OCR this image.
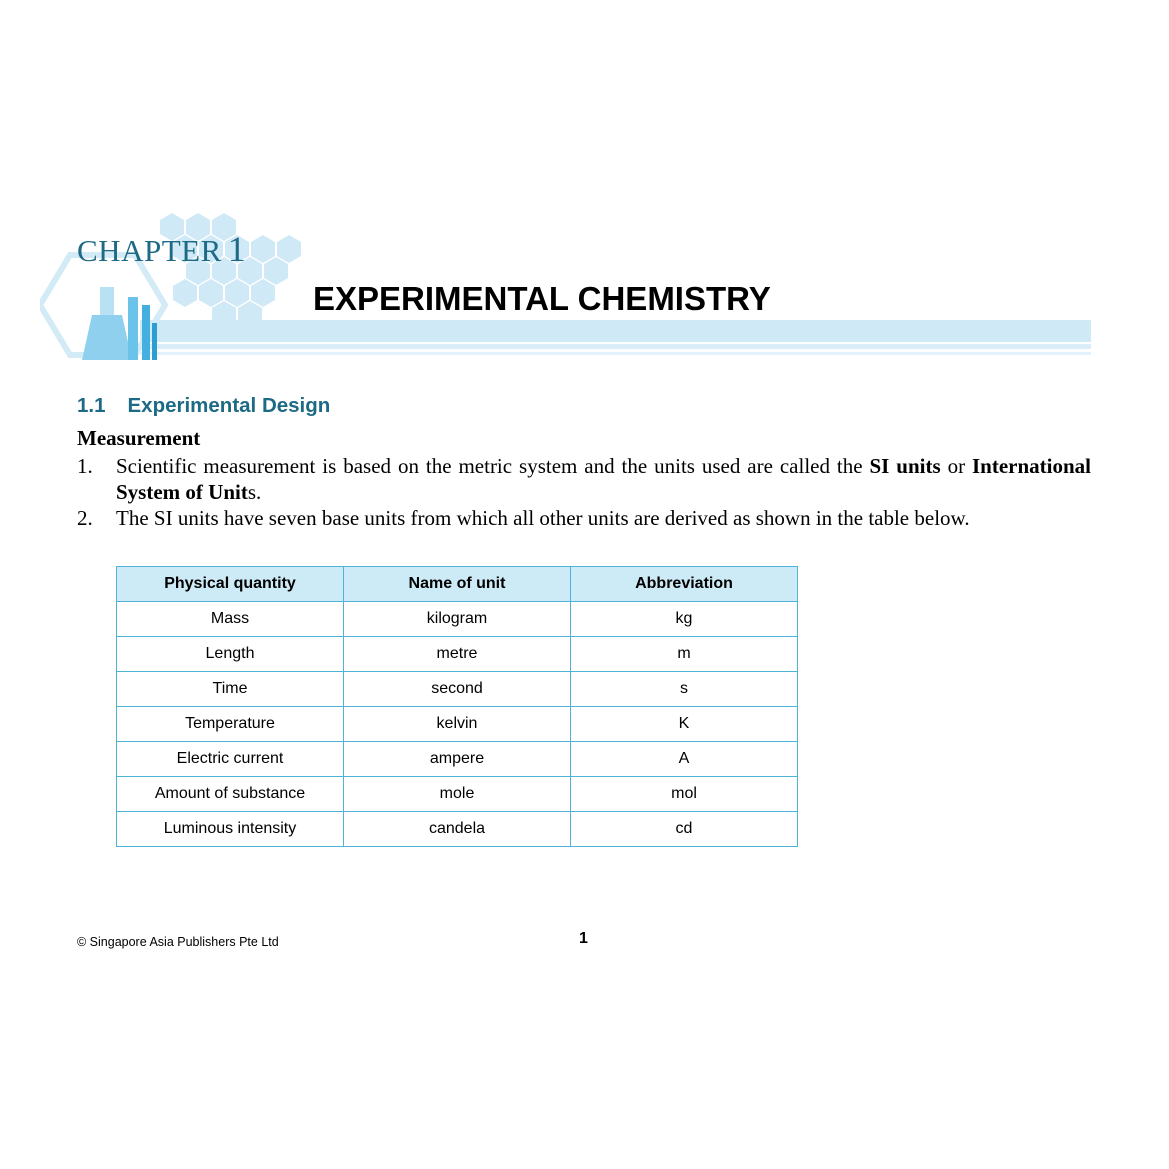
CHAPTER 1
EXPERIMENTAL CHEMISTRY
1.1 Experimental Design
Measurement
1. Scientific measurement is based on the metric system and the units used are called the SI units or International System of Units.
2. The SI units have seven base units from which all other units are derived as shown in the table below.
Physical quantity	Name of unit	Abbreviation
Mass	kilogram	kg
Length	metre	m
Time	second	s
Temperature	kelvin	K
Electric current	ampere	A
Amount of substance	mole	mol
Luminous intensity	candela	cd
© Singapore Asia Publishers Pte Ltd	1
